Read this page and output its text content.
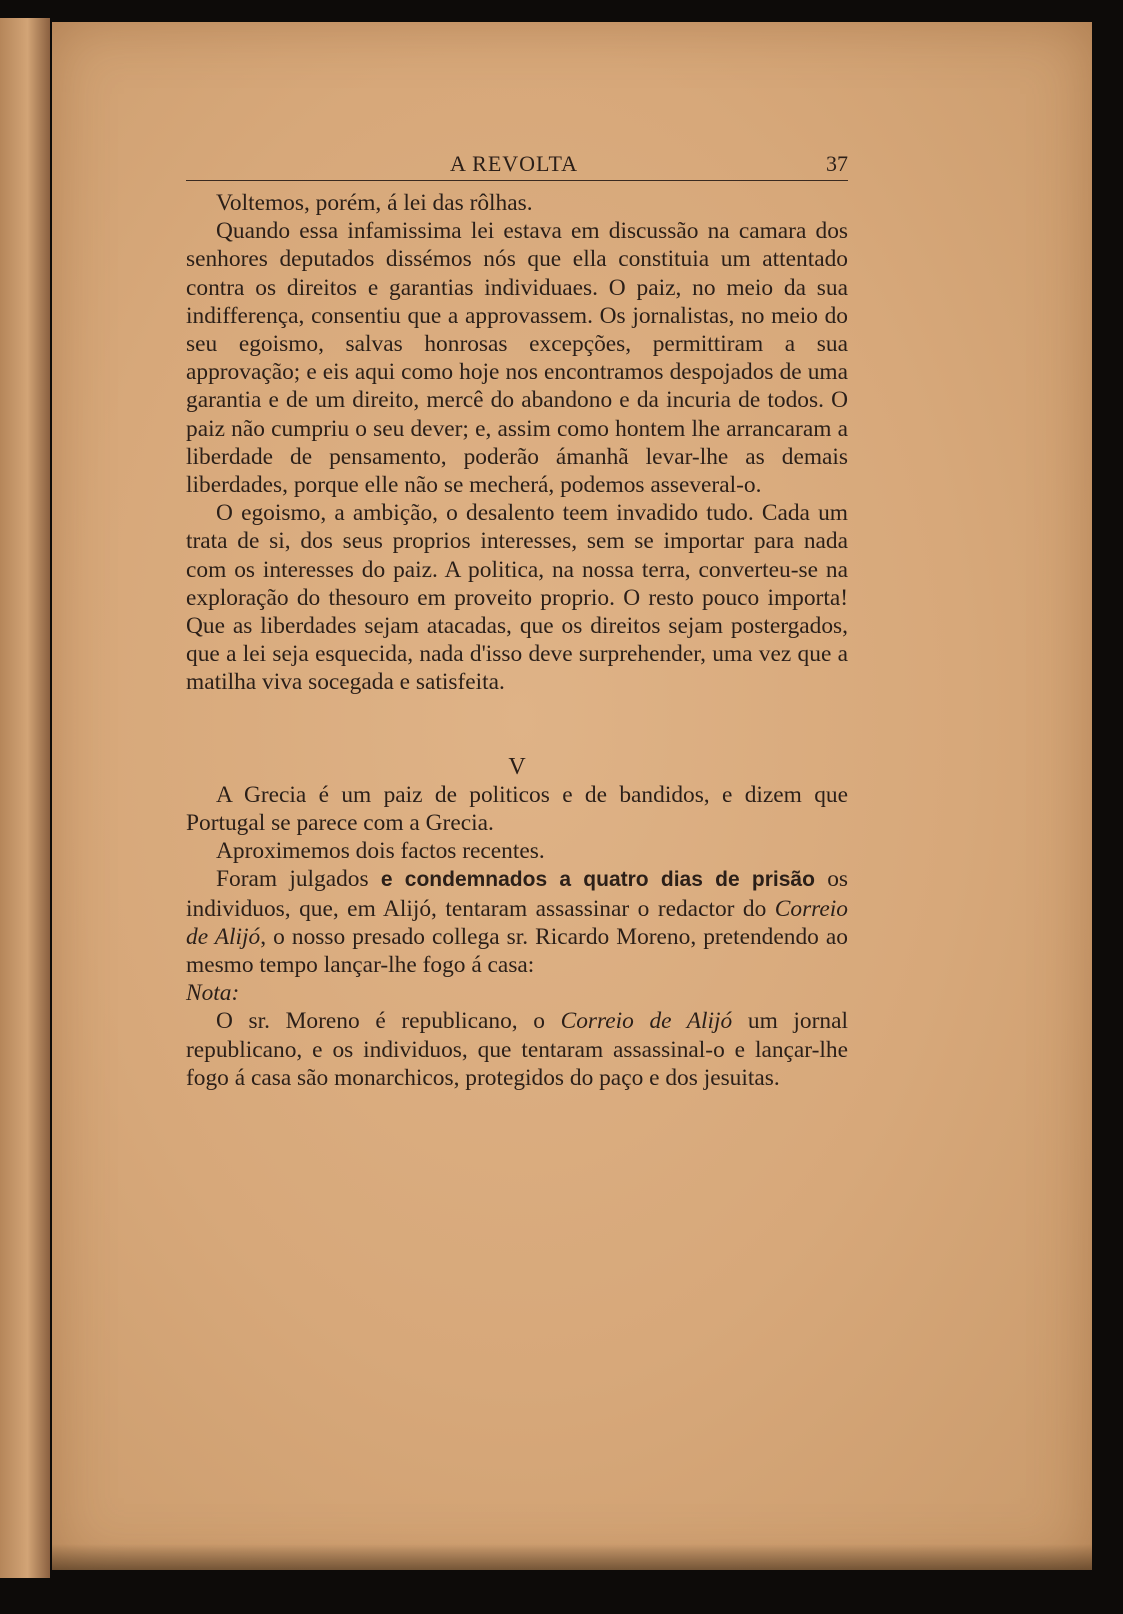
A REVOLTA	37

Voltemos, porém, á lei das rôlhas.

Quando essa infamissima lei estava em discussão na camara dos senhores deputados dissémos nós que ella constituia um attentado contra os direitos e garantias individuaes. O paiz, no meio da sua indifferença, consentiu que a approvassem. Os jornalistas, no meio do seu egoismo, salvas honrosas excepções, permittiram a sua approvação; e eis aqui como hoje nos encontramos despojados de uma garantia e de um direito, mercê do abandono e da incuria de todos. O paiz não cumpriu o seu dever; e, assim como hontem lhe arrancaram a liberdade de pensamento, poderão ámanhã levar-lhe as demais liberdades, porque elle não se mecherá, podemos asseveral-o.

O egoismo, a ambição, o desalento teem invadido tudo. Cada um trata de si, dos seus proprios interesses, sem se importar para nada com os interesses do paiz. A politica, na nossa terra, converteu-se na exploração do thesouro em proveito proprio. O resto pouco importa! Que as liberdades sejam atacadas, que os direitos sejam postergados, que a lei seja esquecida, nada d'isso deve surprehender, uma vez que a matilha viva socegada e satisfeita.

V

A Grecia é um paiz de politicos e de bandidos, e dizem que Portugal se parece com a Grecia.

Aproximemos dois factos recentes.

Foram julgados e condemnados a quatro dias de prisão os individuos, que, em Alijó, tentaram assassinar o redactor do Correio de Alijó, o nosso presado collega sr. Ricardo Moreno, pretendendo ao mesmo tempo lançar-lhe fogo á casa:

Nota:

O sr. Moreno é republicano, o Correio de Alijó um jornal republicano, e os individuos, que tentaram assassinal-o e lançar-lhe fogo á casa são monarchicos, protegidos do paço e dos jesuitas.
